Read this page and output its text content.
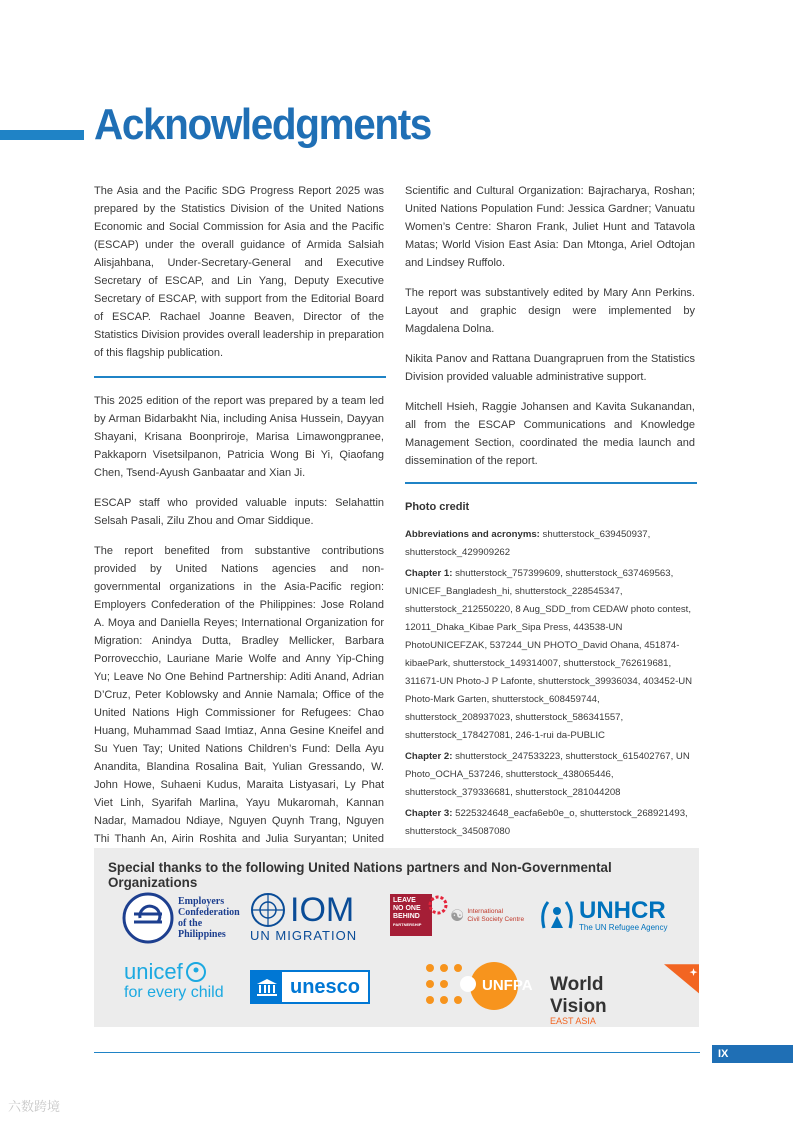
Acknowledgments

The Asia and the Pacific SDG Progress Report 2025 was prepared by the Statistics Division of the United Nations Economic and Social Commission for Asia and the Pacific (ESCAP) under the overall guidance of Armida Salsiah Alisjahbana, Under-Secretary-General and Executive Secretary of ESCAP, and Lin Yang, Deputy Executive Secretary of ESCAP, with support from the Editorial Board of ESCAP. Rachael Joanne Beaven, Director of the Statistics Division provides overall leadership in preparation of this flagship publication.

This 2025 edition of the report was prepared by a team led by Arman Bidarbakht Nia, including Anisa Hussein, Dayyan Shayani, Krisana Boonpriroje, Marisa Limawongpranee, Pakkaporn Visetsilpanon, Patricia Wong Bi Yi, Qiaofang Chen, Tsend-Ayush Ganbaatar and Xian Ji.

ESCAP staff who provided valuable inputs: Selahattin Selsah Pasali, Zilu Zhou and Omar Siddique.

The report benefited from substantive contributions provided by United Nations agencies and non-governmental organizations in the Asia-Pacific region: Employers Confederation of the Philippines: Jose Roland A. Moya and Daniella Reyes; International Organization for Migration: Anindya Dutta, Bradley Mellicker, Barbara Porrovecchio, Lauriane Marie Wolfe and Anny Yip-Ching Yu; Leave No One Behind Partnership: Aditi Anand, Adrian D’Cruz, Peter Koblowsky and Annie Namala; Office of the United Nations High Commissioner for Refugees: Chao Huang, Muhammad Saad Imtiaz, Anna Gesine Kneifel and Su Yuen Tay; United Nations Children’s Fund: Della Ayu Anandita, Blandina Rosalina Bait, Yulian Gressando, W. John Howe, Suhaeni Kudus, Maraita Listyasari, Ly Phat Viet Linh, Syarifah Marlina, Yayu Mukaromah, Kannan Nadar, Mamadou Ndiaye, Nguyen Quynh Trang, Nguyen Thi Thanh An, Airin Roshita and Julia Suryantan; United

Scientific and Cultural Organization: Bajracharya, Roshan; United Nations Population Fund: Jessica Gardner; Vanuatu Women’s Centre: Sharon Frank, Juliet Hunt and Tatavola Matas; World Vision East Asia: Dan Mtonga, Ariel Odtojan and Lindsey Ruffolo.

The report was substantively edited by Mary Ann Perkins. Layout and graphic design were implemented by Magdalena Dolna.

Nikita Panov and Rattana Duangrapruen from the Statistics Division provided valuable administrative support.

Mitchell Hsieh, Raggie Johansen and Kavita Sukanandan, all from the ESCAP Communications and Knowledge Management Section, coordinated the media launch and dissemination of the report.

Photo credit
Abbreviations and acronyms: shutterstock_639450937, shutterstock_429909262
Chapter 1: shutterstock_757399609, shutterstock_637469563, UNICEF_Bangladesh_hi, shutterstock_228545347, shutterstock_212550220, 8 Aug_SDD_from CEDAW photo contest, 12011_Dhaka_Kibae Park_Sipa Press, 443538-UN PhotoUNICEFZAK, 537244_UN PHOTO_David Ohana, 451874-kibaePark, shutterstock_149314007, shutterstock_762619681, 311671-UN Photo-J P Lafonte, shutterstock_39936034, 403452-UN Photo-Mark Garten, shutterstock_608459744, shutterstock_208937023, shutterstock_586341557, shutterstock_178427081, 246-1-rui da-PUBLIC
Chapter 2: shutterstock_247533223, shutterstock_615402767, UN Photo_OCHA_537246, shutterstock_438065446, shutterstock_379336681, shutterstock_281044208
Chapter 3: 5225324648_eacfa6eb0e_o, shutterstock_268921493, shutterstock_345087080

Special thanks to the following United Nations partners and Non-Governmental Organizations

Employers
Confederation
of the
Philippines
IOM
UN MIGRATION
LEAVE
NO ONE
BEHIND
PARTNERSHIP	☯ International
Civil Society Centre UNHCR
The UN Refugee Agency
unicef
for every child	unesco	UNFPA World Vision
EAST ASIA
IX
六数跨境
